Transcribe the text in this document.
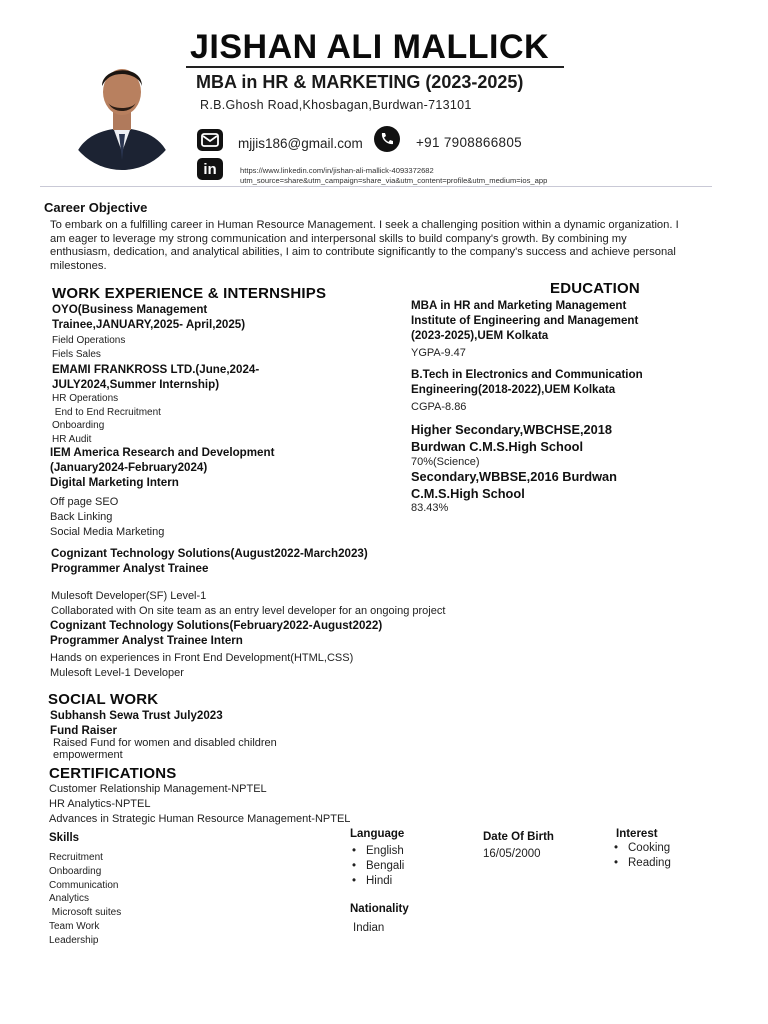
JISHAN ALI MALLICK
MBA in HR & MARKETING (2023-2025)
R.B.Ghosh Road,Khosbagan,Burdwan-713101
mjjis186@gmail.com	+91 7908866805
in	https://www.linkedin.com/in/jishan-ali-mallick-4093372682
utm_source=share&utm_campaign=share_via&utm_content=profile&utm_medium=ios_app
Career Objective
To embark on a fulfilling career in Human Resource Management. I seek a challenging position within a dynamic organization. I am eager to leverage my strong communication and interpersonal skills to build company's growth. By combining my enthusiasm, dedication, and analytical abilities, I aim to contribute significantly to the company's success and achieve personal milestones.
WORK EXPERIENCE & INTERNSHIPS
OYO(Business Management
Trainee,JANUARY,2025- April,2025)
Field Operations
Fiels Sales
EMAMI FRANKROSS LTD.(June,2024-
JULY2024,Summer Internship)
HR Operations
End to End Recruitment
Onboarding
HR Audit
IEM America Research and Development
(January2024-February2024)
Digital Marketing Intern
Off page SEO
Back Linking
Social Media Marketing
Cognizant Technology Solutions(August2022-March2023)
Programmer Analyst Trainee
Mulesoft Developer(SF) Level-1
Collaborated with On site team as an entry level developer for an ongoing project
Cognizant Technology Solutions(February2022-August2022)
Programmer Analyst Trainee Intern
Hands on experiences in Front End Development(HTML,CSS)
Mulesoft Level-1 Developer
EDUCATION
MBA in HR and Marketing Management
Institute of Engineering and Management
(2023-2025),UEM Kolkata
YGPA-9.47
B.Tech in Electronics and Communication
Engineering(2018-2022),UEM Kolkata
CGPA-8.86
Higher Secondary,WBCHSE,2018
Burdwan C.M.S.High School
70%(Science)
Secondary,WBBSE,2016 Burdwan
C.M.S.High School
83.43%
SOCIAL WORK
Subhansh Sewa Trust July2023
Fund Raiser
Raised Fund for women and disabled children
empowerment
CERTIFICATIONS
Customer Relationship Management-NPTEL
HR Analytics-NPTEL
Advances in Strategic Human Resource Management-NPTEL
Skills
Recruitment
Onboarding
Communication
Analytics
Microsoft suites
Team Work
Leadership
Language
• English
• Bengali
• Hindi
Nationality
Indian
Date Of Birth
16/05/2000
Interest
• Cooking
• Reading
